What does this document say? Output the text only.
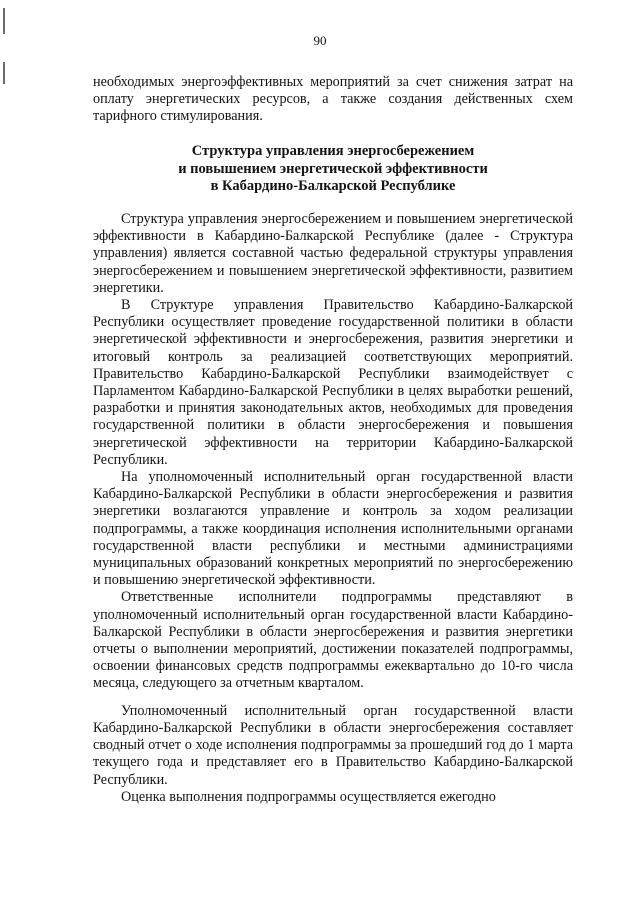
90
необходимых энергоэффективных мероприятий за счет снижения затрат на оплату энергетических ресурсов, а также создания действенных схем тарифного стимулирования.
Структура управления энергосбережением
и повышением энергетической эффективности
в Кабардино-Балкарской Республике

Структура управления энергосбережением и повышением энергетической эффективности в Кабардино-Балкарской Республике (далее - Структура управления) является составной частью федеральной структуры управления энергосбережением и повышением энергетической эффективности, развитием энергетики.

В Структуре управления Правительство Кабардино-Балкарской Республики осуществляет проведение государственной политики в области энергетической эффективности и энергосбережения, развития энергетики и итоговый контроль за реализацией соответствующих мероприятий. Правительство Кабардино-Балкарской Республики взаимодействует с Парламентом Кабардино-Балкарской Республики в целях выработки решений, разработки и принятия законодательных актов, необходимых для проведения государственной политики в области энергосбережения и повышения энергетической эффективности на территории Кабардино-Балкарской Республики.

На уполномоченный исполнительный орган государственной власти Кабардино-Балкарской Республики в области энергосбережения и развития энергетики возлагаются управление и контроль за ходом реализации подпрограммы, а также координация исполнения исполнительными органами государственной власти республики и местными администрациями муниципальных образований конкретных мероприятий по энергосбережению и повышению энергетической эффективности.

Ответственные исполнители подпрограммы представляют в уполномоченный исполнительный орган государственной власти Кабардино-Балкарской Республики в области энергосбережения и развития энергетики отчеты о выполнении мероприятий, достижении показателей подпрограммы, освоении финансовых средств подпрограммы ежеквартально до 10-го числа месяца, следующего за отчетным кварталом.

Уполномоченный исполнительный орган государственной власти Кабардино-Балкарской Республики в области энергосбережения составляет сводный отчет о ходе исполнения подпрограммы за прошедший год до 1 марта текущего года и представляет его в Правительство Кабардино-Балкарской Республики.

Оценка выполнения подпрограммы осуществляется ежегодно
